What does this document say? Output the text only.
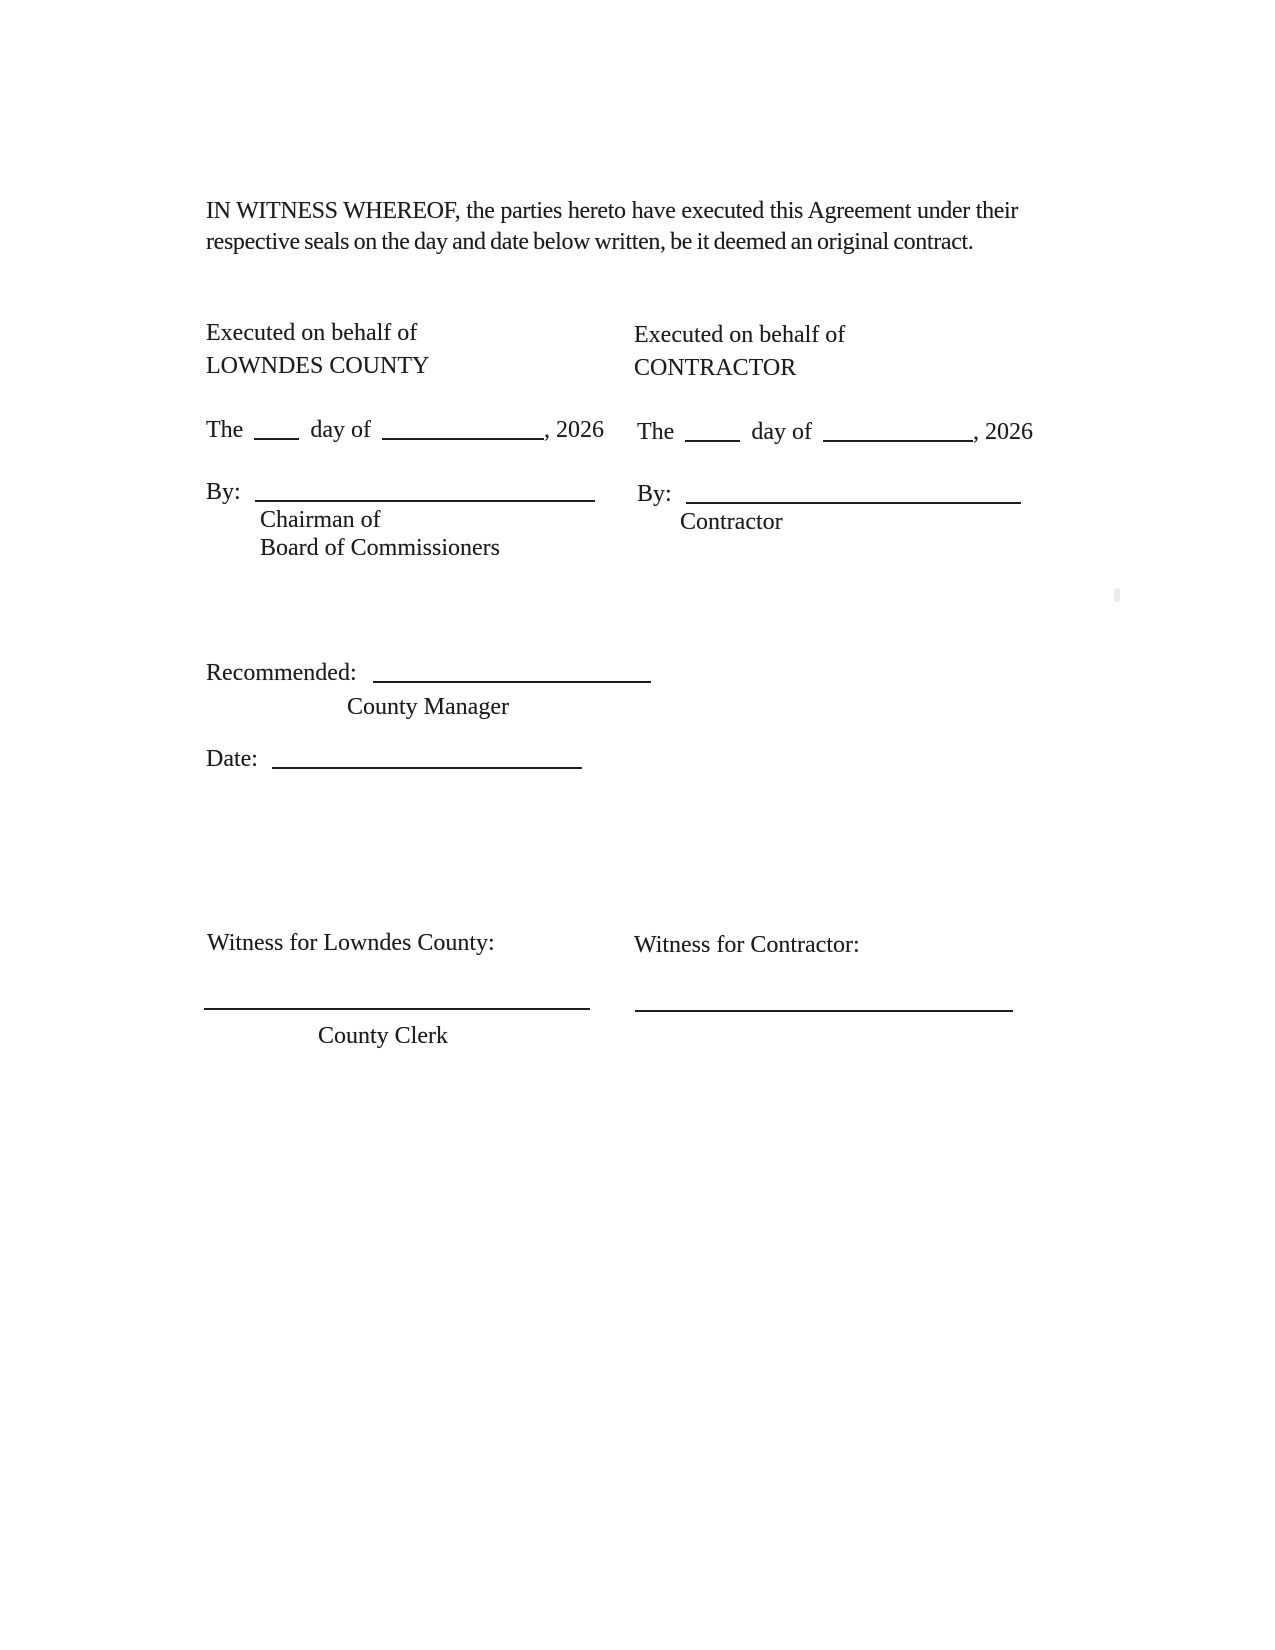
IN WITNESS WHEREOF, the parties hereto have executed this Agreement under their respective seals on the day and date below written, be it deemed an original contract.

Executed on behalf of
LOWNDES COUNTY
Executed on behalf of
CONTRACTOR
The	day of	, 2026 The	day of	, 2026
By:
Chairman of
Board of Commissioners
By:
Contractor
Recommended:
County Manager
Date:
Witness for Lowndes County:	Witness for Contractor:
County Clerk
